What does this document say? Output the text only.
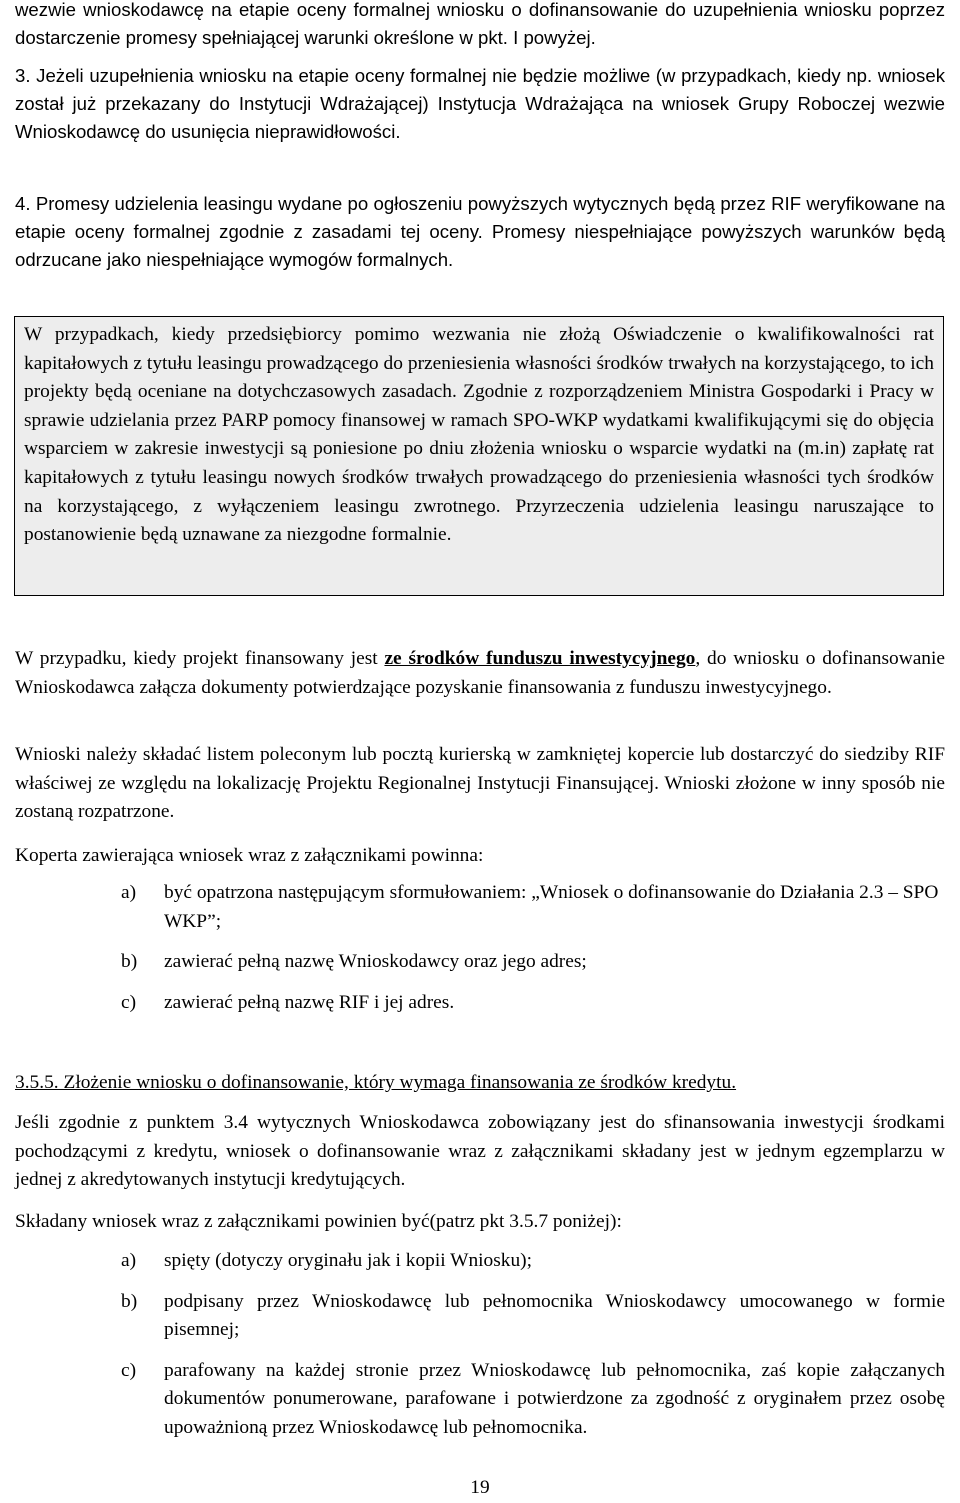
wezwie wnioskodawcę na etapie oceny formalnej wniosku o dofinansowanie do uzupełnienia wniosku poprzez dostarczenie promesy spełniającej warunki określone w pkt. I powyżej.

3. Jeżeli uzupełnienia wniosku na etapie oceny formalnej nie będzie możliwe (w przypadkach, kiedy np. wniosek został już przekazany do Instytucji Wdrażającej) Instytucja Wdrażająca na wniosek Grupy Roboczej wezwie Wnioskodawcę do usunięcia nieprawidłowości.

4. Promesy udzielenia leasingu wydane po ogłoszeniu powyższych wytycznych będą przez RIF weryfikowane na etapie oceny formalnej zgodnie z zasadami tej oceny. Promesy niespełniające powyższych warunków będą odrzucane jako niespełniające wymogów formalnych.

W przypadkach, kiedy przedsiębiorcy pomimo wezwania nie złożą Oświadczenie o kwalifikowalności rat kapitałowych z tytułu leasingu prowadzącego do przeniesienia własności środków trwałych na korzystającego, to ich projekty będą oceniane na dotychczasowych zasadach. Zgodnie z rozporządzeniem Ministra Gospodarki i Pracy w sprawie udzielania przez PARP pomocy finansowej w ramach SPO-WKP wydatkami kwalifikującymi się do objęcia wsparciem w zakresie inwestycji są poniesione po dniu złożenia wniosku o wsparcie wydatki na (m.in) zapłatę rat kapitałowych z tytułu leasingu nowych środków trwałych prowadzącego do przeniesienia własności tych środków na korzystającego, z wyłączeniem leasingu zwrotnego. Przyrzeczenia udzielenia leasingu naruszające to postanowienie będą uznawane za niezgodne formalnie.

W przypadku, kiedy projekt finansowany jest ze środków funduszu inwestycyjnego, do wniosku o dofinansowanie Wnioskodawca załącza dokumenty potwierdzające pozyskanie finansowania z funduszu inwestycyjnego.

Wnioski należy składać listem poleconym lub pocztą kurierską w zamkniętej kopercie lub dostarczyć do siedziby RIF właściwej ze względu na lokalizację Projektu Regionalnej Instytucji Finansującej. Wnioski złożone w inny sposób nie zostaną rozpatrzone.

Koperta zawierająca wniosek wraz z załącznikami powinna:

a) być opatrzona następującym sformułowaniem: „Wniosek o dofinansowanie do Działania 2.3 – SPO WKP”;
b) zawierać pełną nazwę Wnioskodawcy oraz jego adres;
c) zawierać pełną nazwę RIF i jej adres.

3.5.5. Złożenie wniosku o dofinansowanie, który wymaga finansowania ze środków kredytu.

Jeśli zgodnie z punktem 3.4 wytycznych Wnioskodawca zobowiązany jest do sfinansowania inwestycji środkami pochodzącymi z kredytu, wniosek o dofinansowanie wraz z załącznikami składany jest w jednym egzemplarzu w jednej z akredytowanych instytucji kredytujących.

Składany wniosek wraz z załącznikami powinien być(patrz pkt 3.5.7 poniżej):

a) spięty (dotyczy oryginału jak i kopii Wniosku);
b) podpisany przez Wnioskodawcę lub pełnomocnika Wnioskodawcy umocowanego w formie pisemnej;
c) parafowany na każdej stronie przez Wnioskodawcę lub pełnomocnika, zaś kopie załączanych dokumentów ponumerowane, parafowane i potwierdzone za zgodność z oryginałem przez osobę upoważnioną przez Wnioskodawcę lub pełnomocnika.
19
